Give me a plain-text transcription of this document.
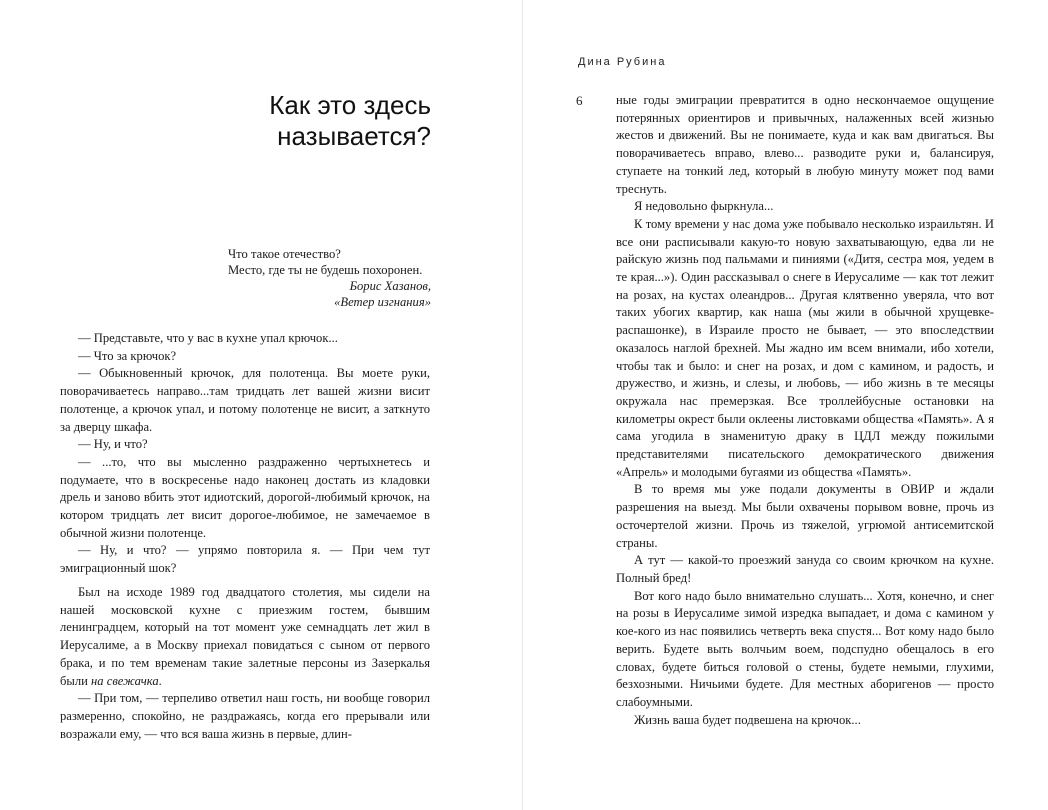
Как это здесь
называется?
Что такое отечество?
Место, где ты не будешь похоронен.
Борис Хазанов,
«Ветер изгнания»

— Представьте, что у вас в кухне упал крючок...

— Что за крючок?

— Обыкновенный крючок, для полотенца. Вы моете руки, поворачиваетесь направо...там тридцать лет вашей жизни висит полотенце, а крючок упал, и потому полотенце не висит, а заткнуто за дверцу шкафа.

— Ну, и что?

— ...то, что вы мысленно раздраженно чертыхнетесь и подумаете, что в воскресенье надо наконец достать из кладовки дрель и заново вбить этот идиотский, дорогой-любимый крючок, на котором тридцать лет висит дорогое-любимое, не замечаемое в обычной жизни полотенце.

— Ну, и что? — упрямо повторила я. — При чем тут эмиграционный шок?

Был на исходе 1989 год двадцатого столетия, мы сидели на нашей московской кухне с приезжим гостем, бывшим ленинградцем, который на тот момент уже семнадцать лет жил в Иерусалиме, а в Москву приехал повидаться с сыном от первого брака, и по тем временам такие залетные персоны из Зазеркалья были на свежачка.

— При том, — терпеливо ответил наш гость, ни вообще говорил размеренно, спокойно, не раздражаясь, когда его прерывали или возражали ему, — что вся ваша жизнь в первые, длин-

Дина Рубина

6	ные годы эмиграции превратится в одно нескончаемое ощущение потерянных ориентиров и привычных, налаженных всей жизнью жестов и движений. Вы не понимаете, куда и как вам двигаться. Вы поворачиваетесь вправо, влево... разводите руки и, балансируя, ступаете на тонкий лед, который в любую минуту может под вами треснуть.

Я недовольно фыркнула...

К тому времени у нас дома уже побывало несколько израильтян. И все они расписывали какую-то новую захватывающую, едва ли не райскую жизнь под пальмами и пиниями («Дитя, сестра моя, уедем в те края...»). Один рассказывал о снеге в Иерусалиме — как тот лежит на розах, на кустах олеандров... Другая клятвенно уверяла, что вот таких убогих квартир, как наша (мы жили в обычной хрущевке-распашонке), в Израиле просто не бывает, — это впоследствии оказалось наглой брехней. Мы жадно им всем внимали, ибо хотели, чтобы так и было: и снег на розах, и дом с камином, и радость, и дружество, и жизнь, и слезы, и любовь, — ибо жизнь в те месяцы окружала нас премерзкая. Все троллейбусные остановки на километры окрест были оклеены листовками общества «Память». А я сама угодила в знаменитую драку в ЦДЛ между пожилыми представителями писательского демократического движения «Апрель» и молодыми бугаями из общества «Память».

В то время мы уже подали документы в ОВИР и ждали разрешения на выезд. Мы были охвачены порывом вовне, прочь из осточертелой жизни. Прочь из тяжелой, угрюмой антисемитской страны.

А тут — какой-то проезжий зануда со своим крючком на кухне. Полный бред!

Вот кого надо было внимательно слушать... Хотя, конечно, и снег на розы в Иерусалиме зимой изредка выпадает, и дома с камином у кое-кого из нас появились четверть века спустя... Вот кому надо было верить. Будете выть волчьим воем, подспудно обещалось в его словах, будете биться головой о стены, будете немыми, глухими, безхозными. Ничьими будете. Для местных аборигенов — просто слабоумными.

Жизнь ваша будет подвешена на крючок...
